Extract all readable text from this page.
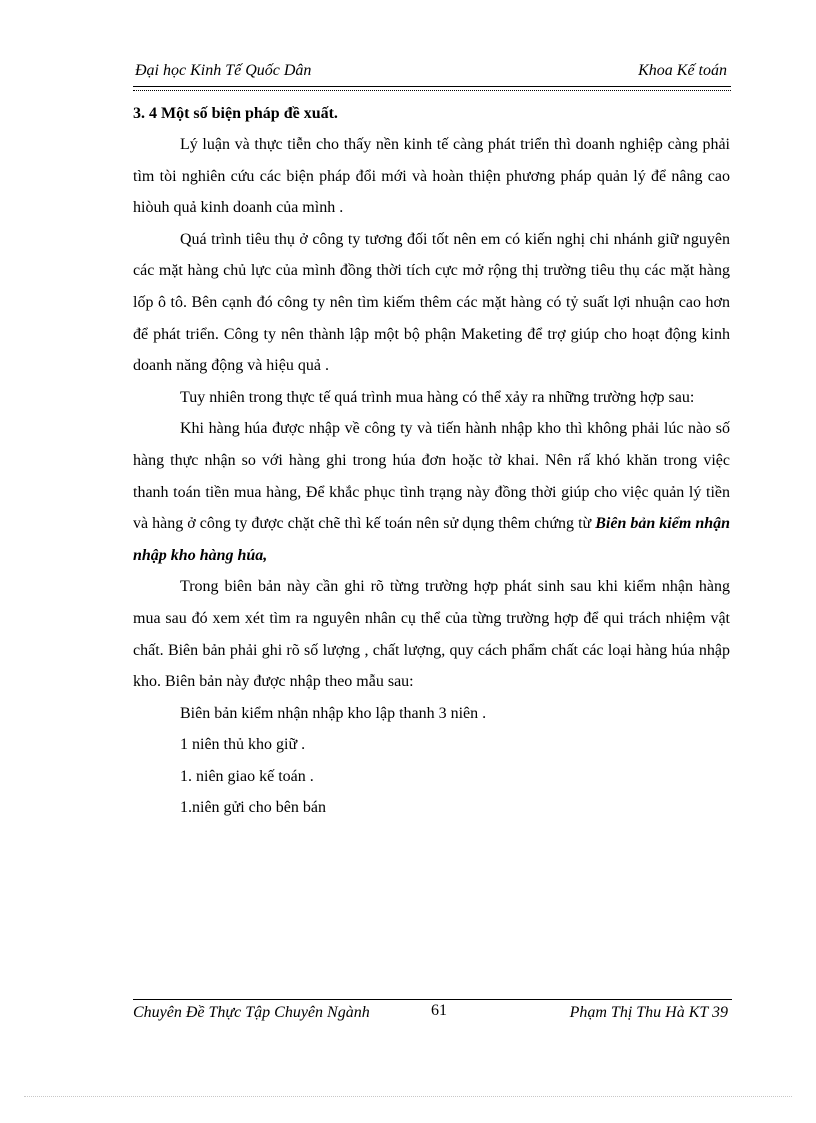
Đại học Kinh Tế Quốc Dân	Khoa Kế toán

3. 4 Một số biện pháp đề xuất.

Lý luận và thực tiễn cho thấy nền kinh tế càng phát triển thì doanh nghiệp càng phải tìm tòi nghiên cứu các biện pháp đổi mới và hoàn thiện phương pháp quản lý để nâng cao hiòuh quả kinh doanh của mình .

Quá trình tiêu thụ ở công ty tương đối tốt nên em có kiến nghị chi nhánh giữ nguyên các mặt hàng chủ lực của mình đồng thời tích cực mở rộng thị trường tiêu thụ các mặt hàng lốp ô tô. Bên cạnh đó công ty nên tìm kiếm thêm các mặt hàng có tỷ suất lợi nhuận cao hơn để phát triển. Công ty nên thành lập một bộ phận Maketing để trợ giúp cho hoạt động kinh doanh năng động và hiệu quả .

Tuy nhiên trong thực tế quá trình mua hàng có thể xảy ra những trường hợp sau:

Khi hàng húa được nhập về công ty và tiến hành nhập kho thì không phải lúc nào số hàng thực nhận so với hàng ghi trong húa đơn hoặc tờ khai. Nên rấ khó khăn trong việc thanh toán tiền mua hàng, Để khắc phục tình trạng này đồng thời giúp cho việc quản lý tiền và hàng ở công ty được chặt chẽ thì kế toán nên sử dụng thêm chứng từ Biên bản kiểm nhận nhập kho hàng húa,

Trong biên bản này cần ghi rõ từng trường hợp phát sinh sau khi kiểm nhận hàng mua sau đó xem xét tìm ra nguyên nhân cụ thể của từng trường hợp để qui trách nhiệm vật chất. Biên bản phải ghi rõ số lượng , chất lượng, quy cách phẩm chất các loại hàng húa nhập kho. Biên bản này được nhập theo mẫu sau:

Biên bản kiểm nhận nhập kho lập thanh 3 niên .

1 niên thủ kho giữ .

1. niên giao kế toán .

1.niên gửi cho bên bán

Chuyên Đề Thực Tập Chuyên Ngành	61	Phạm Thị Thu Hà KT 39
